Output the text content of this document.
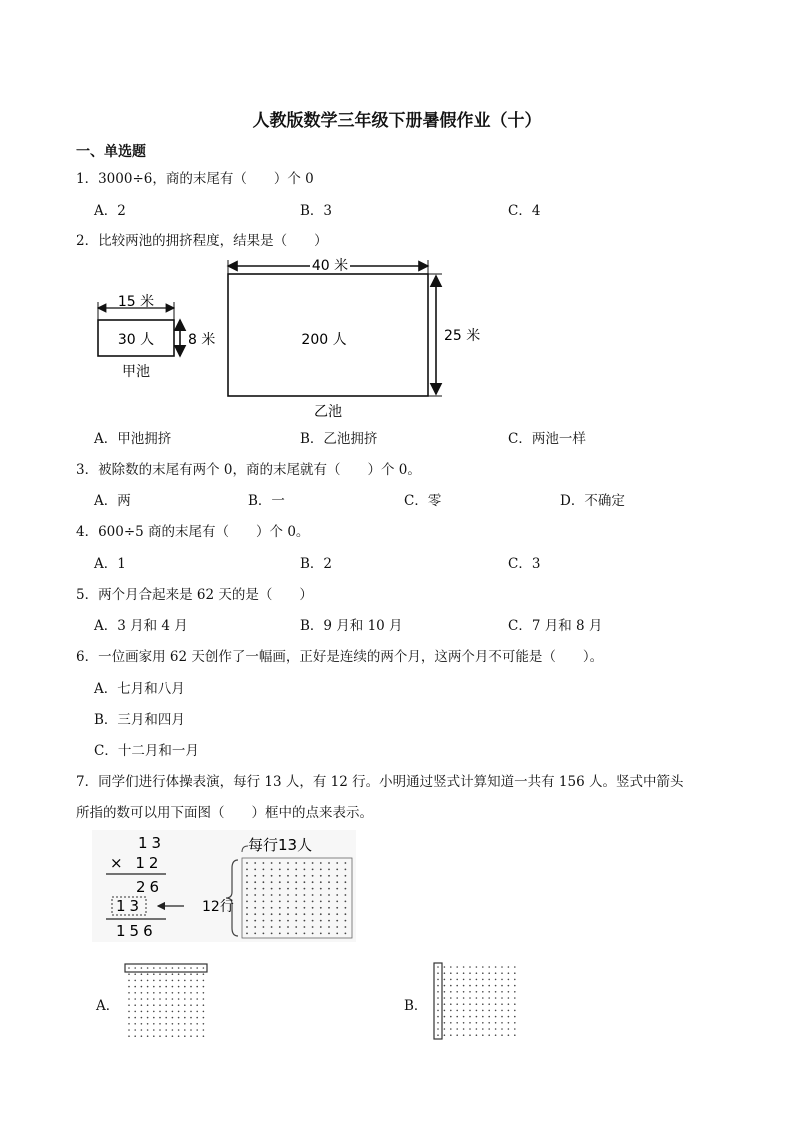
人教版数学三年级下册暑假作业（十）
一、单选题
1．3000÷6，商的末尾有（　　）个 0
A．2	B．3	C．4
2．比较两池的拥挤程度，结果是（　　）
15 米
30 人 8 米
甲池
40 米
200 人	25 米
乙池
A．甲池拥挤	B．乙池拥挤	C．两池一样
3．被除数的末尾有两个 0，商的末尾就有（　　）个 0。
A．两	B．一	C．零	D．不确定
4．600÷5 商的末尾有（　　）个 0。
A．1	B．2	C．3
5．两个月合起来是 62 天的是（　　）
A．3 月和 4 月	B．9 月和 10 月	C．7 月和 8 月
6．一位画家用 62 天创作了一幅画，正好是连续的两个月，这两个月不可能是（　　）。
A．七月和八月
B．三月和四月
C．十二月和一月
7．同学们进行体操表演，每行 13 人，有 12 行。小明通过竖式计算知道一共有 156 人。竖式中箭头
所指的数可以用下面图（　　）框中的点来表示。
13
× 12
26
13
156
每行13人
12行
A．	B．
